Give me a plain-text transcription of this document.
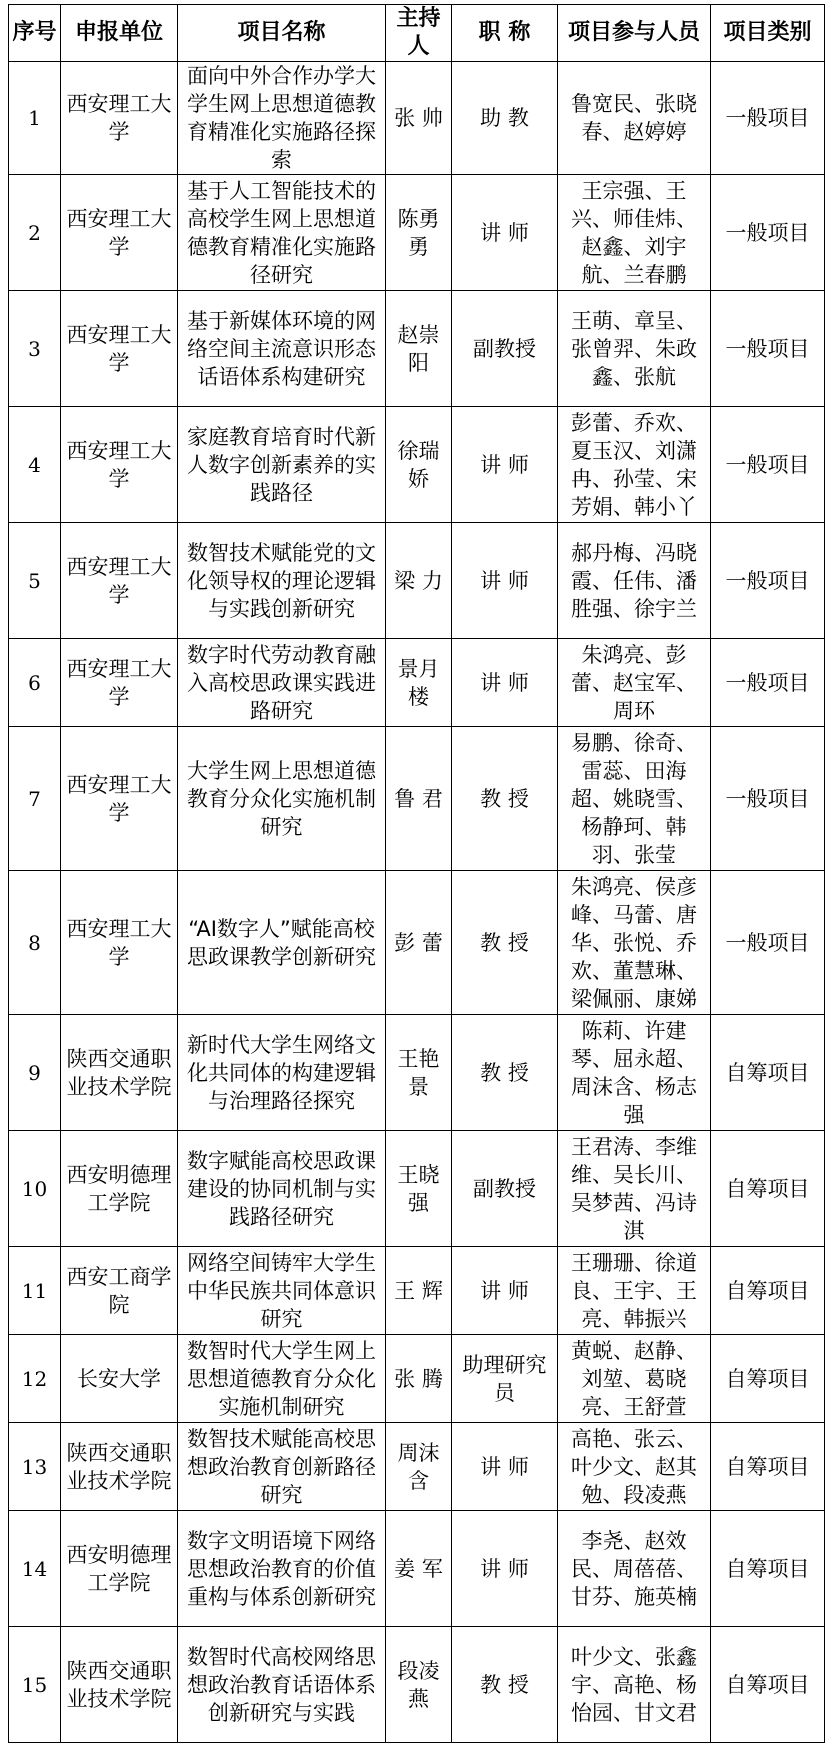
序号	申报单位	项目名称	主持人	职 称	项目参与人员	项目类别
1	西安理工大学	面向中外合作办学大学生网上思想道德教育精准化实施路径探索	张 帅	助 教	鲁宽民、张晓春、赵婷婷	一般项目
2	西安理工大学	基于人工智能技术的高校学生网上思想道德教育精准化实施路径研究	陈勇勇	讲 师	王宗强、王兴、师佳炜、赵鑫、刘宇航、兰春鹏	一般项目
3	西安理工大学	基于新媒体环境的网络空间主流意识形态话语体系构建研究	赵崇阳	副教授	王萌、章呈、张曾羿、朱政鑫、张航	一般项目
4	西安理工大学	家庭教育培育时代新人数字创新素养的实践路径	徐瑞娇	讲 师	彭蕾、乔欢、夏玉汉、刘潇冉、孙莹、宋芳娟、韩小丫	一般项目
5	西安理工大学	数智技术赋能党的文化领导权的理论逻辑与实践创新研究	梁 力	讲 师	郝丹梅、冯晓霞、任伟、潘胜强、徐宇兰	一般项目
6	西安理工大学	数字时代劳动教育融入高校思政课实践进路研究	景月楼	讲 师	朱鸿亮、彭蕾、赵宝军、周环	一般项目
7	西安理工大学	大学生网上思想道德教育分众化实施机制研究	鲁 君	教 授	易鹏、徐奇、雷蕊、田海超、姚晓雪、杨静珂、韩羽、张莹	一般项目
8	西安理工大学	“AI数字人”赋能高校思政课教学创新研究	彭 蕾	教 授	朱鸿亮、侯彦峰、马蕾、唐华、张悦、乔欢、董慧琳、梁佩丽、康娣	一般项目
9	陕西交通职业技术学院	新时代大学生网络文化共同体的构建逻辑与治理路径探究	王艳景	教 授	陈莉、许建琴、屈永超、周沫含、杨志强	自筹项目
10	西安明德理工学院	数字赋能高校思政课建设的协同机制与实践路径研究	王晓强	副教授	王君涛、李维维、吴长川、吴梦茜、冯诗淇	自筹项目
11	西安工商学院	网络空间铸牢大学生中华民族共同体意识研究	王 辉	讲 师	王珊珊、徐道良、王宇、王亮、韩振兴	自筹项目
12	长安大学	数智时代大学生网上思想道德教育分众化实施机制研究	张 腾	助理研究员	黄蜕、赵静、刘堃、葛晓亮、王舒萱	自筹项目
13	陕西交通职业技术学院	数智技术赋能高校思想政治教育创新路径研究	周沫含	讲 师	高艳、张云、叶少文、赵其勉、段凌燕	自筹项目
14	西安明德理工学院	数字文明语境下网络思想政治教育的价值重构与体系创新研究	姜 军	讲 师	李尧、赵效民、周蓓蓓、甘芬、施英楠	自筹项目
15	陕西交通职业技术学院	数智时代高校网络思想政治教育话语体系创新研究与实践	段凌燕	教 授	叶少文、张鑫宇、高艳、杨怡园、甘文君	自筹项目
